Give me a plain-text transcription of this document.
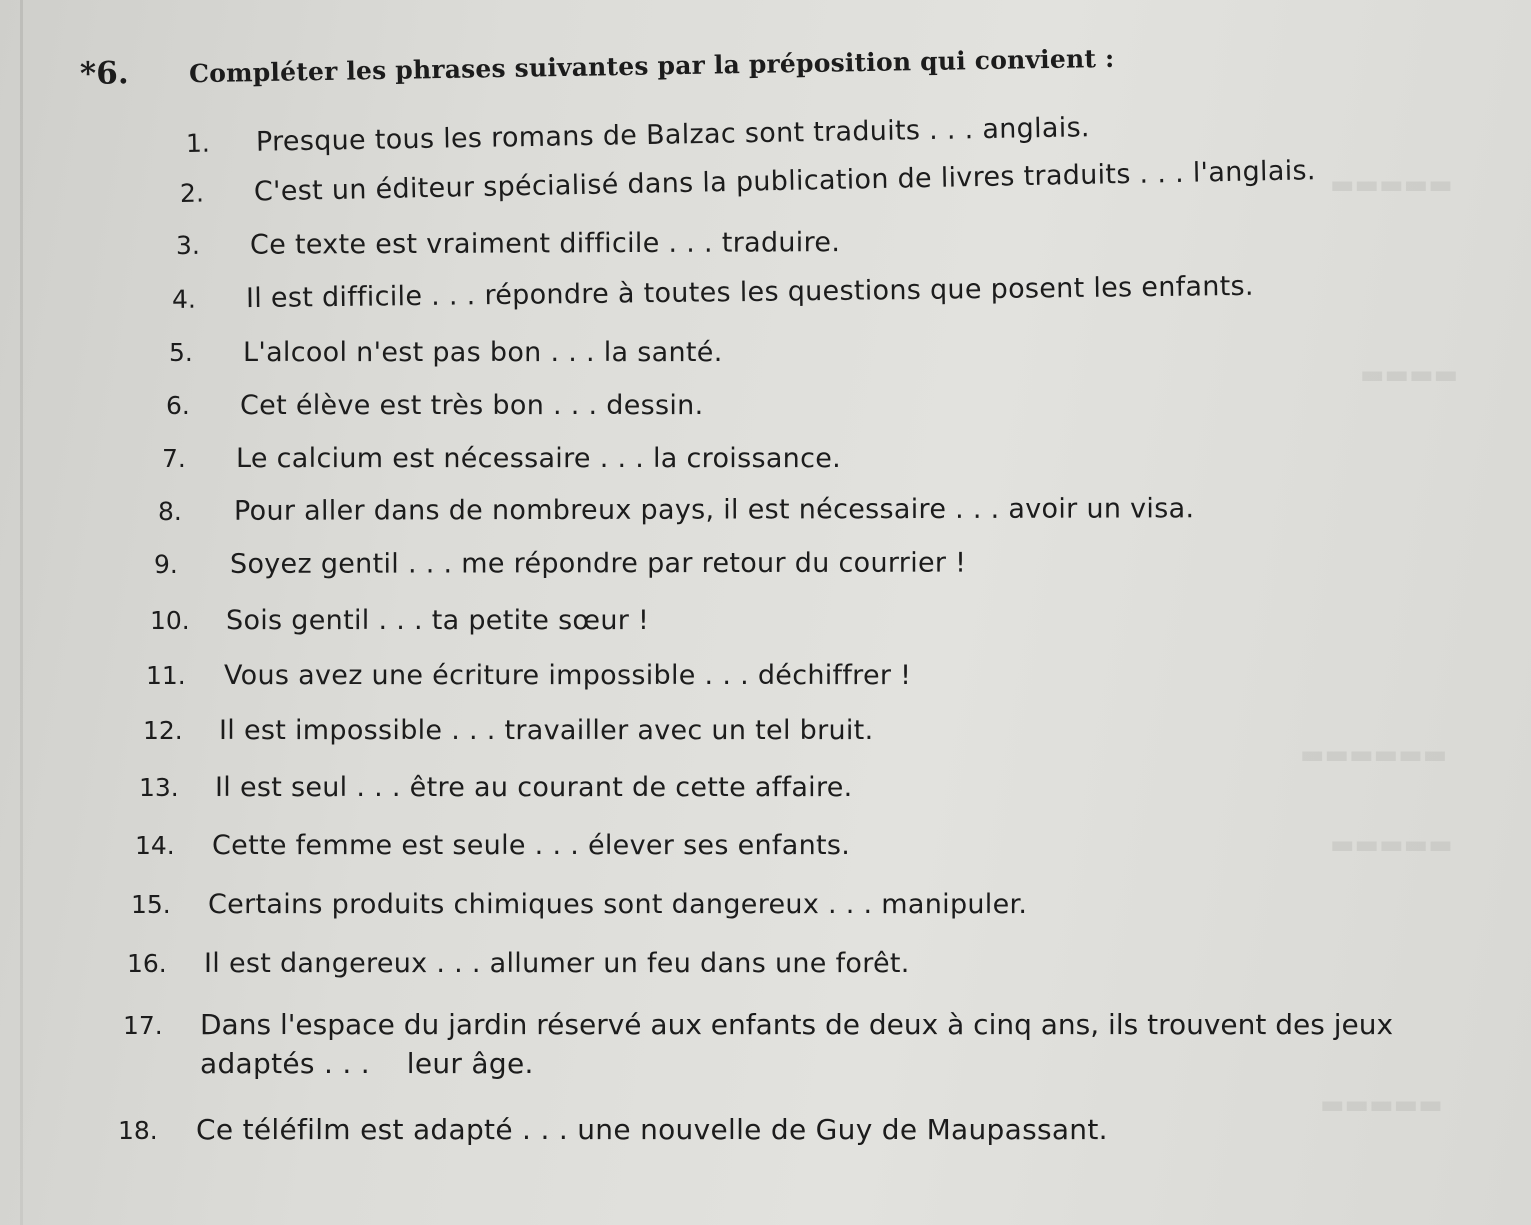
▬▬▬▬▬
▬▬▬▬
▬▬▬▬▬▬
▬▬▬▬▬
▬▬▬▬▬
*6. Compléter les phrases suivantes par la préposition qui convient :
1. Presque tous les romans de Balzac sont traduits . . . anglais.
2. C'est un éditeur spécialisé dans la publication de livres traduits . . . l'anglais.
3. Ce texte est vraiment difficile . . . traduire.
4. Il est difficile . . . répondre à toutes les questions que posent les enfants.
5. L'alcool n'est pas bon . . . la santé.
6. Cet élève est très bon . . . dessin.
7. Le calcium est nécessaire . . . la croissance.
8. Pour aller dans de nombreux pays, il est nécessaire . . . avoir un visa.
9. Soyez gentil . . . me répondre par retour du courrier !
10. Sois gentil . . . ta petite sœur !
11. Vous avez une écriture impossible . . . déchiffrer !
12. Il est impossible . . . travailler avec un tel bruit.
13. Il est seul . . . être au courant de cette affaire.
14. Cette femme est seule . . . élever ses enfants.
15. Certains produits chimiques sont dangereux . . . manipuler.
16. Il est dangereux . . . allumer un feu dans une forêt.
17. Dans l'espace du jardin réservé aux enfants de deux à cinq ans, ils trouvent des jeux
adaptés . . .    leur âge.
18. Ce téléfilm est adapté . . . une nouvelle de Guy de Maupassant.
